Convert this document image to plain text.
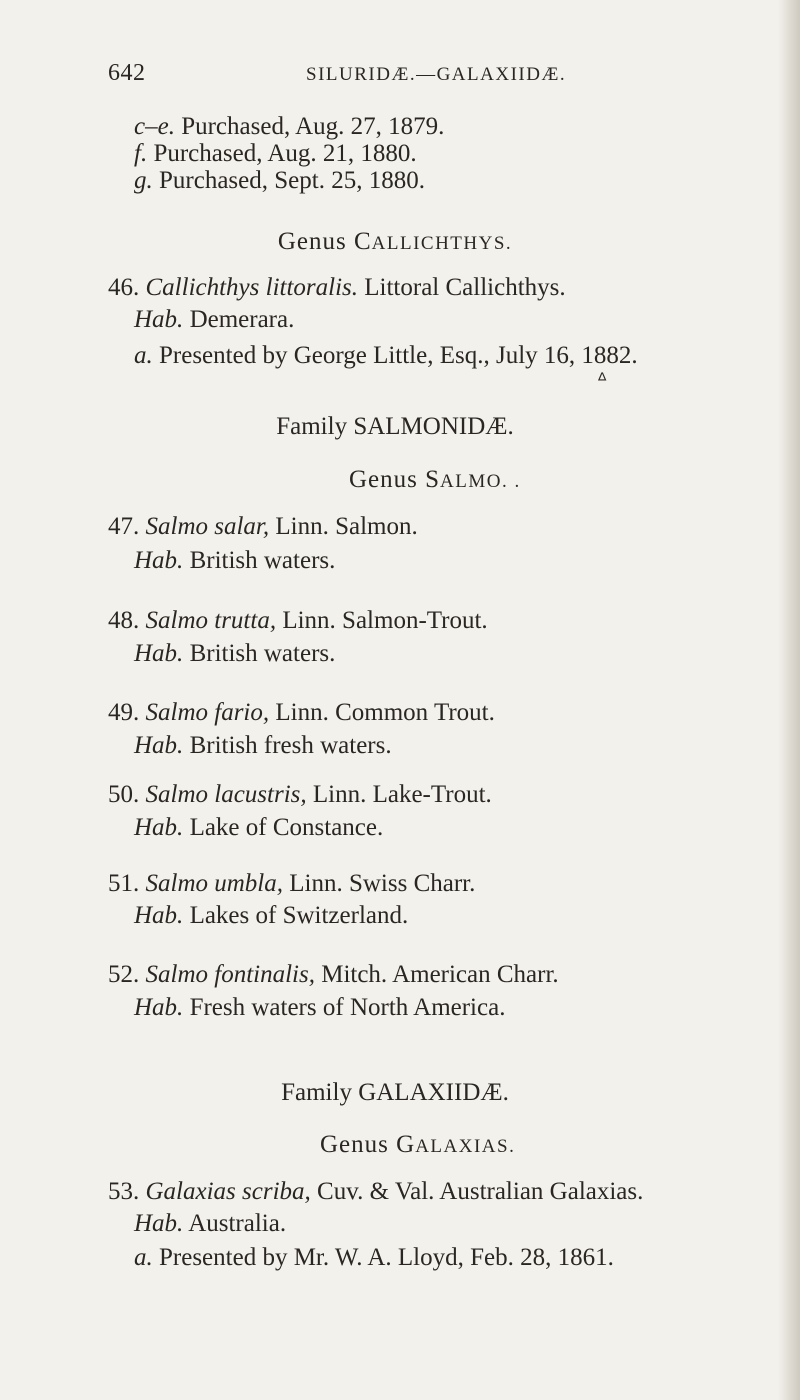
642	SILURIDÆ.—GALAXIIDÆ.
c–e. Purchased, Aug. 27, 1879.
f. Purchased, Aug. 21, 1880.
g. Purchased, Sept. 25, 1880.
Genus CALLICHTHYS.
46. Callichthys littoralis. Littoral Callichthys.
Hab. Demerara.
a. Presented by George Little, Esq., July 16, 1882.
ᐞ
Family SALMONIDÆ.
Genus SALMO. .
47. Salmo salar, Linn. Salmon.
Hab. British waters.
48. Salmo trutta, Linn. Salmon-Trout.
Hab. British waters.
49. Salmo fario, Linn. Common Trout.
Hab. British fresh waters.
50. Salmo lacustris, Linn. Lake-Trout.
Hab. Lake of Constance.
51. Salmo umbla, Linn. Swiss Charr.
Hab. Lakes of Switzerland.
52. Salmo fontinalis, Mitch. American Charr.
Hab. Fresh waters of North America.
Family GALAXIIDÆ.
Genus GALAXIAS.
53. Galaxias scriba, Cuv. & Val. Australian Galaxias.
Hab. Australia.
a. Presented by Mr. W. A. Lloyd, Feb. 28, 1861.
